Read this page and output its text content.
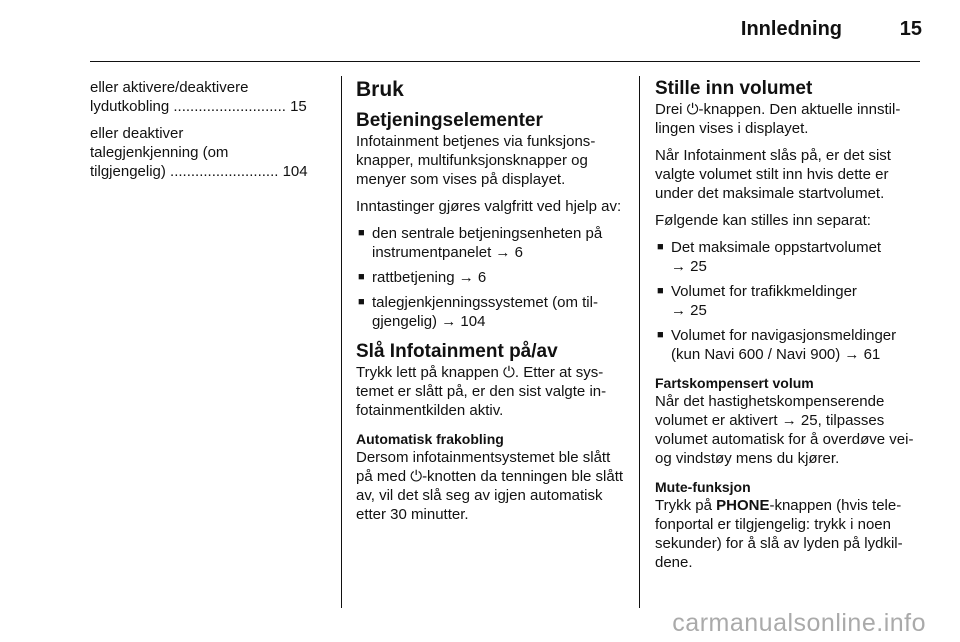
Innledning	15

eller aktivere/deaktivere
lydutkobling ........................... 15

eller deaktiver
talegjenkjenning (om
tilgjengelig) .......................... 104

Bruk
Betjeningselementer

Infotainment betjenes via funksjonsknapper, multifunksjonsknapper og menyer som vises på displayet.

Inntastinger gjøres valgfritt ved hjelp av:

■ den sentrale betjeningsenheten på instrumentpanelet → 6
■ rattbetjening → 6
■ talegjenkjenningssystemet (om tilgjengelig) → 104
Slå Infotainment på/av

Trykk lett på knappen ⏻. Etter at systemet er slått på, er den sist valgte infotainmentkilden aktiv.

Automatisk frakobling

Dersom infotainmentsystemet ble slått på med ⏻-knotten da tenningen ble slått av, vil det slå seg av igjen automatisk etter 30 minutter.

Stille inn volumet

Drei ⏻-knappen. Den aktuelle innstillingen vises i displayet.

Når Infotainment slås på, er det sist valgte volumet stilt inn hvis dette er under det maksimale startvolumet.

Følgende kan stilles inn separat:

■ Det maksimale oppstartvolumet
→ 25
■ Volumet for trafikkmeldinger
→ 25
■ Volumet for navigasjonsmeldinger (kun Navi 600 / Navi 900) → 61
Fartskompensert volum

Når det hastighetskompenserende volumet er aktivert → 25, tilpasses volumet automatisk for å overdøve vei- og vindstøy mens du kjører.

Mute-funksjon

Trykk på PHONE-knappen (hvis telefonportal er tilgjengelig: trykk i noen sekunder) for å slå av lyden på lydkildene.

carmanualsonline.info
